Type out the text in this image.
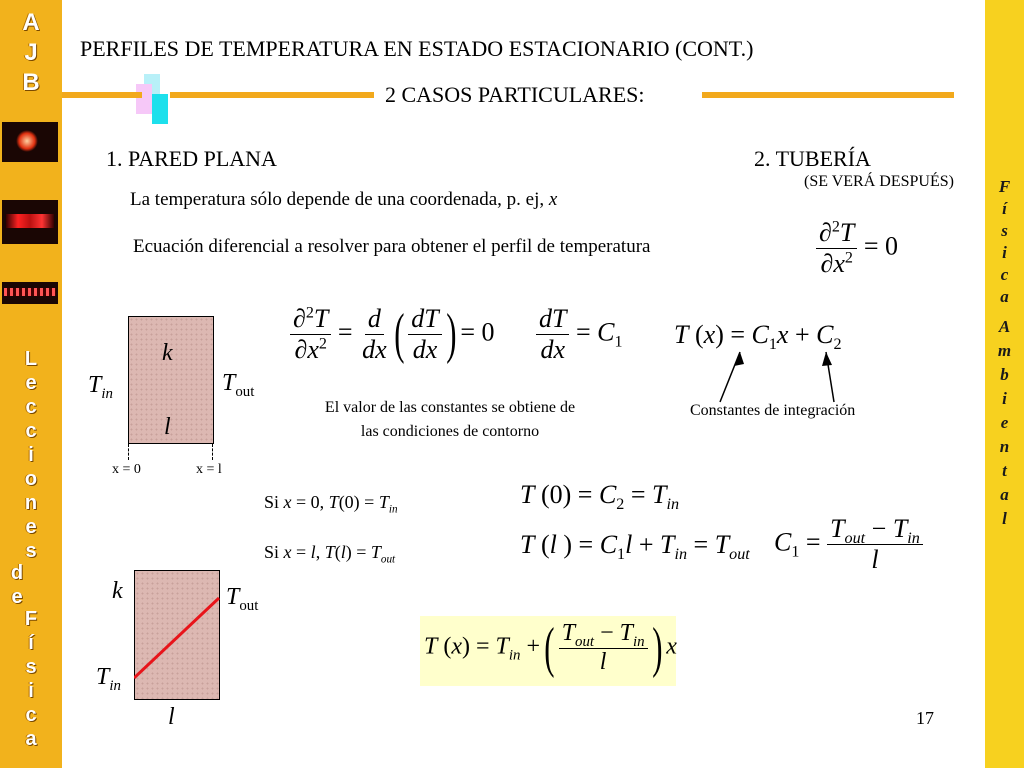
A
J
B
L
e
c
c
i
o
n
e
s
d
e
F
í
s
i
c
a
F
í
s
i
c
a
A
m
b
i
e
n
t
a
l
PERFILES DE TEMPERATURA EN ESTADO ESTACIONARIO (CONT.)
2 CASOS PARTICULARES:
1. PARED PLANA	2. TUBERÍA
(SE VERÁ DESPUÉS)
La temperatura sólo depende de una coordenada, p. ej, x
Ecuación diferencial a resolver para obtener el perfil de temperatura	$\frac{\partial^2T}{\partial x^2} = 0$
k
l
$T_{in}$	$T_{out}$
x = 0	x = l
$\frac{\partial^2T}{\partial x^2} = \frac{d}{dx}$ ( $\frac{dT}{dx}$ ) = $0 \frac{dT}{dx} = C_1$ T $(x) = C_1x + C_2$
Constantes de integración
El valor de las constantes se obtiene de
las condiciones de contorno
Si x = 0, $T(0) = T_{in}$
Si x = l, $T(l) = T_{out}$
T $(0) = C_2 = T_{in}$
T (l ) = $C_1l + T_{in} = T_{out}$ $C_1 = \frac{T_{out} - T_{in}}{l}$
k	$T_{out}$
$T_{in}$
l
T $(x) = T_{in}$ +( $\frac{T_{out} - T_{in}}{l}$ ) x
17
